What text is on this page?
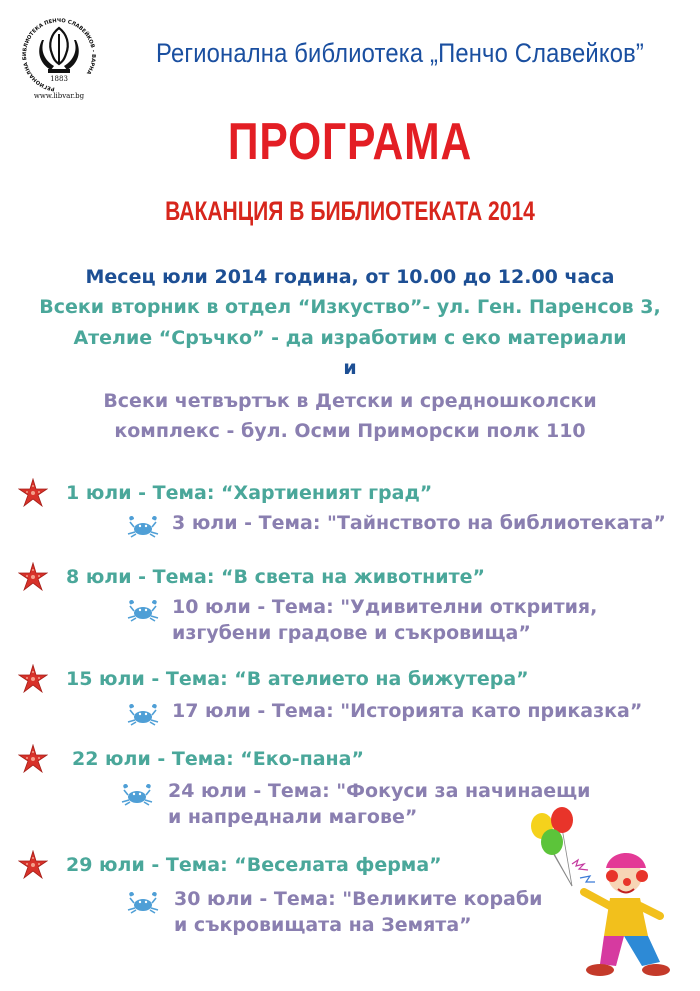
РЕГИОНАЛНА БИБЛИОТЕКА ПЕНЧО СЛАВЕЙКОВ - ВАРНА
1883
www.libvar.bg
Регионална библиотека „Пенчо Славейков”
ПРОГРАМА
ВАКАНЦИЯ В БИБЛИОТЕКАТА 2014
Месец юли 2014 година, от 10.00 до 12.00 часа
Всеки вторник в отдел “Изкуство”- ул. Ген. Паренсов 3,
Ателие “Сръчко” - да изработим с еко материали
и
Всеки четвъртък в Детски и средношколски
комплекс - бул. Осми Приморски полк 110
1 юли - Тема: “Хартиеният град”
3 юли - Тема: "Тайнството на библиотеката”
8 юли - Тема: “В света на животните”
10 юли - Тема: "Удивителни открития,
изгубени градове и съкровища”
15 юли - Тема: “В ателието на бижутера”
17 юли - Тема: "Историята като приказка”
22 юли - Тема: “Еко-пана”
24 юли - Тема: "Фокуси за начинаещи
и напреднали магове”
29 юли - Тема: “Веселата ферма”
30 юли - Тема: "Великите кораби
и съкровищата на Земята”
